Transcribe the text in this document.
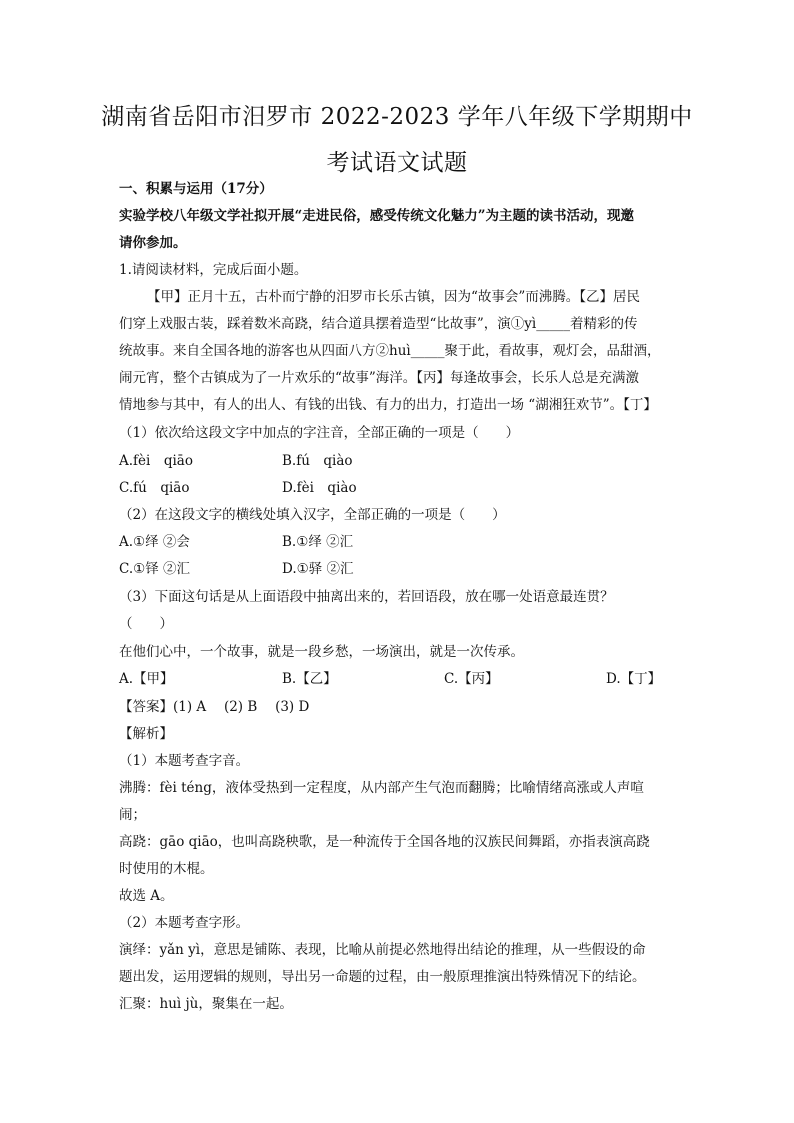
湖南省岳阳市汨罗市 2022-2023 学年八年级下学期期中
考试语文试题
一、积累与运用（17分）
实验学校八年级文学社拟开展“走进民俗，感受传统文化魅力”为主题的读书活动，现邀
请你参加。
1.请阅读材料，完成后面小题。
【甲】正月十五，古朴而宁静的汨罗市长乐古镇，因为“故事会”而沸腾。【乙】居民
们穿上戏服古装，踩着数米高跷，结合道具摆着造型“比故事”，演①yì_____着精彩的传
统故事。来自全国各地的游客也从四面八方②huì_____聚于此，看故事，观灯会，品甜酒，
闹元宵，整个古镇成为了一片欢乐的“故事”海洋。【丙】每逢故事会，长乐人总是充满激
情地参与其中，有人的出人、有钱的出钱、有力的出力，打造出一场 “湖湘狂欢节”。【丁】
（1）依次给这段文字中加点的字注音，全部正确的一项是（　　）
A.fèi　qiāo	B.fú　qiào
C.fú　qiāo	D.fèi　qiào
（2）在这段文字的横线处填入汉字，全部正确的一项是（　　）
A.①绎 ②会	B.①绎 ②汇
C.①铎 ②汇	D.①驿 ②汇
（3）下面这句话是从上面语段中抽离出来的，若回语段，放在哪一处语意最连贯？
（　　）
在他们心中，一个故事，就是一段乡愁，一场演出，就是一次传承。
A.【甲】	B.【乙】	C.【丙】	D.【丁】
【答案】(1) A　 (2) B　 (3) D
【解析】
（1）本题考查字音。
沸腾：fèi téng，液体受热到一定程度，从内部产生气泡而翻腾；比喻情绪高涨或人声喧
闹；
高跷：gāo qiāo，也叫高跷秧歌，是一种流传于全国各地的汉族民间舞蹈，亦指表演高跷
时使用的木棍。
故选 A。
（2）本题考查字形。
演绎：yǎn yì，意思是铺陈、表现，比喻从前提必然地得出结论的推理，从一些假设的命
题出发，运用逻辑的规则，导出另一命题的过程，由一般原理推演出特殊情况下的结论。
汇聚：huì jù，聚集在一起。
